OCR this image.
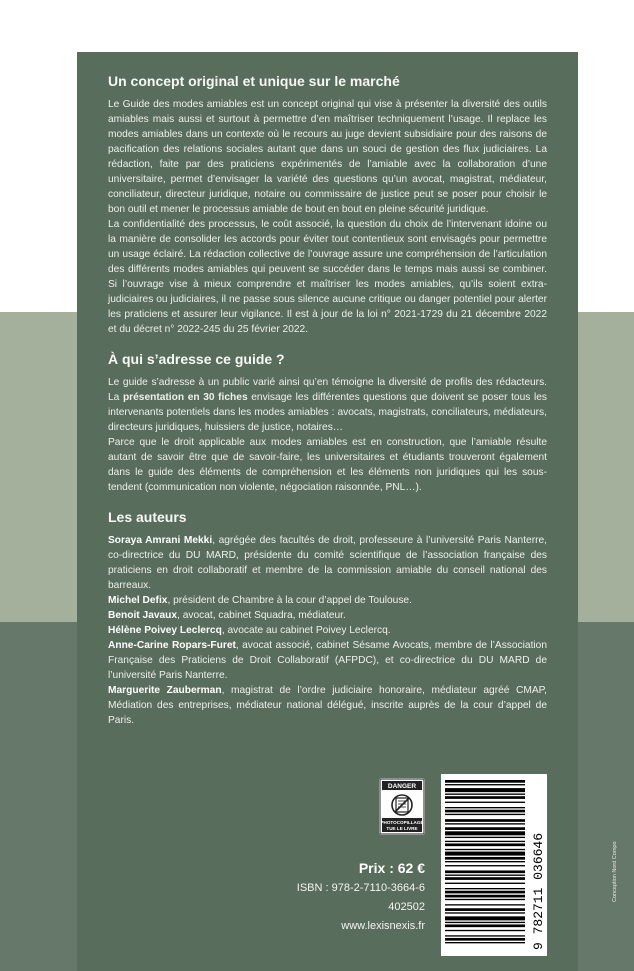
Un concept original et unique sur le marché

Le Guide des modes amiables est un concept original qui vise à présenter la diversité des outils amiables mais aussi et surtout à permettre d’en maîtriser techniquement l’usage. Il replace les modes amiables dans un contexte où le recours au juge devient subsidiaire pour des raisons de pacification des relations sociales autant que dans un souci de gestion des flux judiciaires. La rédaction, faite par des praticiens expérimentés de l’amiable avec la collaboration d’une universitaire, permet d’envisager la variété des questions qu’un avocat, magistrat, médiateur, conciliateur, directeur juridique, notaire ou commissaire de justice peut se poser pour choisir le bon outil et mener le processus amiable de bout en bout en pleine sécurité juridique.

La confidentialité des processus, le coût associé, la question du choix de l’intervenant idoine ou la manière de consolider les accords pour éviter tout contentieux sont envisagés pour permettre un usage éclairé. La rédaction collective de l’ouvrage assure une compréhension de l’articulation des différents modes amiables qui peuvent se succéder dans le temps mais aussi se combiner. Si l’ouvrage vise à mieux comprendre et maîtriser les modes amiables, qu’ils soient extra-judiciaires ou judiciaires, il ne passe sous silence aucune critique ou danger potentiel pour alerter les praticiens et assurer leur vigilance. Il est à jour de la loi n° 2021-1729 du 21 décembre 2022 et du décret n° 2022-245 du 25 février 2022.

À qui s’adresse ce guide ?

Le guide s’adresse à un public varié ainsi qu’en témoigne la diversité de profils des rédacteurs. La présentation en 30 fiches envisage les différentes questions que doivent se poser tous les intervenants potentiels dans les modes amiables : avocats, magistrats, conciliateurs, médiateurs, directeurs juridiques, huissiers de justice, notaires…

Parce que le droit applicable aux modes amiables est en construction, que l’amiable résulte autant de savoir être que de savoir-faire, les universitaires et étudiants trouveront également dans le guide des éléments de compréhension et les éléments non juridiques qui les sous-tendent (communication non violente, négociation raisonnée, PNL…).

Les auteurs

Soraya Amrani Mekki, agrégée des facultés de droit, professeure à l’université Paris Nanterre, co-directrice du DU MARD, présidente du comité scientifique de l’association française des praticiens en droit collaboratif et membre de la commission amiable du conseil national des barreaux.

Michel Defix, président de Chambre à la cour d’appel de Toulouse.

Benoit Javaux, avocat, cabinet Squadra, médiateur.

Hélène Poivey Leclercq, avocate au cabinet Poivey Leclercq.

Anne-Carine Ropars-Furet, avocat associé, cabinet Sésame Avocats, membre de l’Association Française des Praticiens de Droit Collaboratif (AFPDC), et co-directrice du DU MARD de l’université Paris Nanterre.

Marguerite Zauberman, magistrat de l’ordre judiciaire honoraire, médiateur agréé CMAP, Médiation des entreprises, médiateur national délégué, inscrite auprès de la cour d’appel de Paris.

DANGER
PHOTOCOPILLAGE
TUE LE LIVRE
9 782711 036646
Prix : 62 €
ISBN : 978-2-7110-3664-6
402502
www.lexisnexis.fr
Conception Nord Compo
